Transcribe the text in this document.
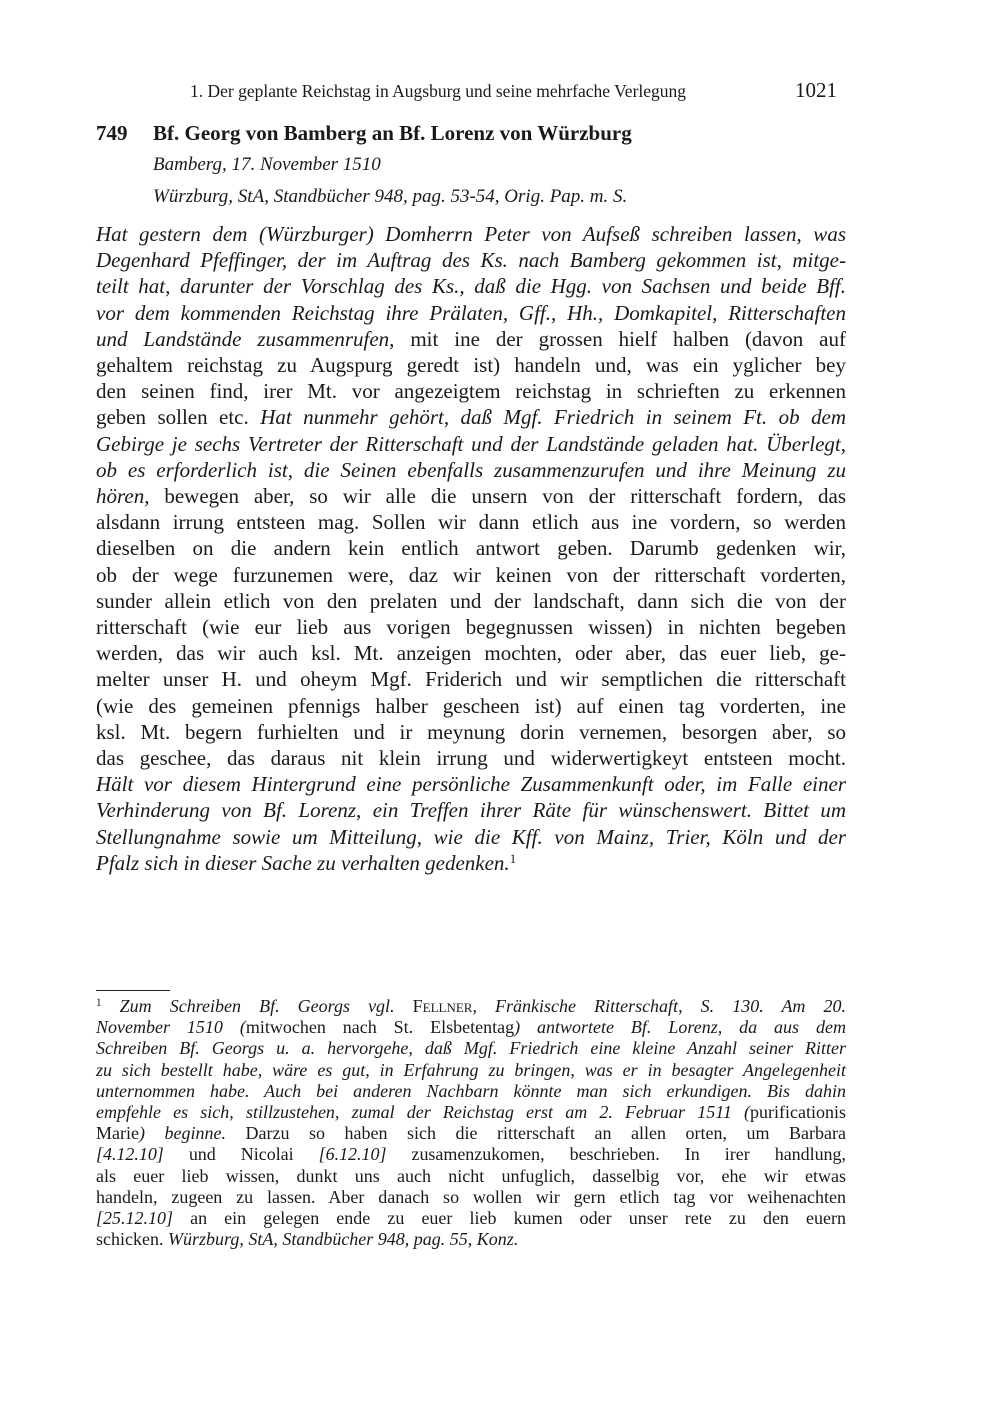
1. Der geplante Reichstag in Augsburg und seine mehrfache Verlegung	1021
749 Bf. Georg von Bamberg an Bf. Lorenz von Würzburg
Bamberg, 17. November 1510
Würzburg, StA, Standbücher 948, pag. 53-54, Orig. Pap. m. S.
Hat gestern dem (Würzburger) Domherrn Peter von Aufseß schreiben lassen, was
Degenhard Pfeffinger, der im Auftrag des Ks. nach Bamberg gekommen ist, mitge-
teilt hat, darunter der Vorschlag des Ks., daß die Hgg. von Sachsen und beide Bff.
vor dem kommenden Reichstag ihre Prälaten, Gff., Hh., Domkapitel, Ritterschaften
und Landstände zusammenrufen, mit ine der grossen hielf halben (davon auf
gehaltem reichstag zu Augspurg geredt ist) handeln und, was ein yglicher bey
den seinen find, irer Mt. vor angezeigtem reichstag in schrieften zu erkennen
geben sollen etc. Hat nunmehr gehört, daß Mgf. Friedrich in seinem Ft. ob dem
Gebirge je sechs Vertreter der Ritterschaft und der Landstände geladen hat. Überlegt,
ob es erforderlich ist, die Seinen ebenfalls zusammenzurufen und ihre Meinung zu
hören, bewegen aber, so wir alle die unsern von der ritterschaft fordern, das
alsdann irrung entsteen mag. Sollen wir dann etlich aus ine vordern, so werden
dieselben on die andern kein entlich antwort geben. Darumb gedenken wir,
ob der wege furzunemen were, daz wir keinen von der ritterschaft vorderten,
sunder allein etlich von den prelaten und der landschaft, dann sich die von der
ritterschaft (wie eur lieb aus vorigen begegnussen wissen) in nichten begeben
werden, das wir auch ksl. Mt. anzeigen mochten, oder aber, das euer lieb, ge-
melter unser H. und oheym Mgf. Friderich und wir semptlichen die ritterschaft
(wie des gemeinen pfennigs halber gescheen ist) auf einen tag vorderten, ine
ksl. Mt. begern furhielten und ir meynung dorin vernemen, besorgen aber, so
das geschee, das daraus nit klein irrung und widerwertigkeyt entsteen mocht.
Hält vor diesem Hintergrund eine persönliche Zusammenkunft oder, im Falle einer
Verhinderung von Bf. Lorenz, ein Treffen ihrer Räte für wünschenswert. Bittet um
Stellungnahme sowie um Mitteilung, wie die Kff. von Mainz, Trier, Köln und der
Pfalz sich in dieser Sache zu verhalten gedenken.$^1$
$^1$ Zum Schreiben Bf. Georgs vgl. Fellner, Fränkische Ritterschaft, S. 130. Am 20.
November 1510 (mitwochen nach St. Elsbetentag) antwortete Bf. Lorenz, da aus dem
Schreiben Bf. Georgs u. a. hervorgehe, daß Mgf. Friedrich eine kleine Anzahl seiner Ritter
zu sich bestellt habe, wäre es gut, in Erfahrung zu bringen, was er in besagter Angelegenheit
unternommen habe. Auch bei anderen Nachbarn könnte man sich erkundigen. Bis dahin
empfehle es sich, stillzustehen, zumal der Reichstag erst am 2. Februar 1511 (purificationis
Marie) beginne. Darzu so haben sich die ritterschaft an allen orten, um Barbara
[4.12.10] und Nicolai [6.12.10] zusamenzukomen, beschrieben. In irer handlung,
als euer lieb wissen, dunkt uns auch nicht unfuglich, dasselbig vor, ehe wir etwas
handeln, zugeen zu lassen. Aber danach so wollen wir gern etlich tag vor weihenachten
[25.12.10] an ein gelegen ende zu euer lieb kumen oder unser rete zu den euern
schicken. Würzburg, StA, Standbücher 948, pag. 55, Konz.
